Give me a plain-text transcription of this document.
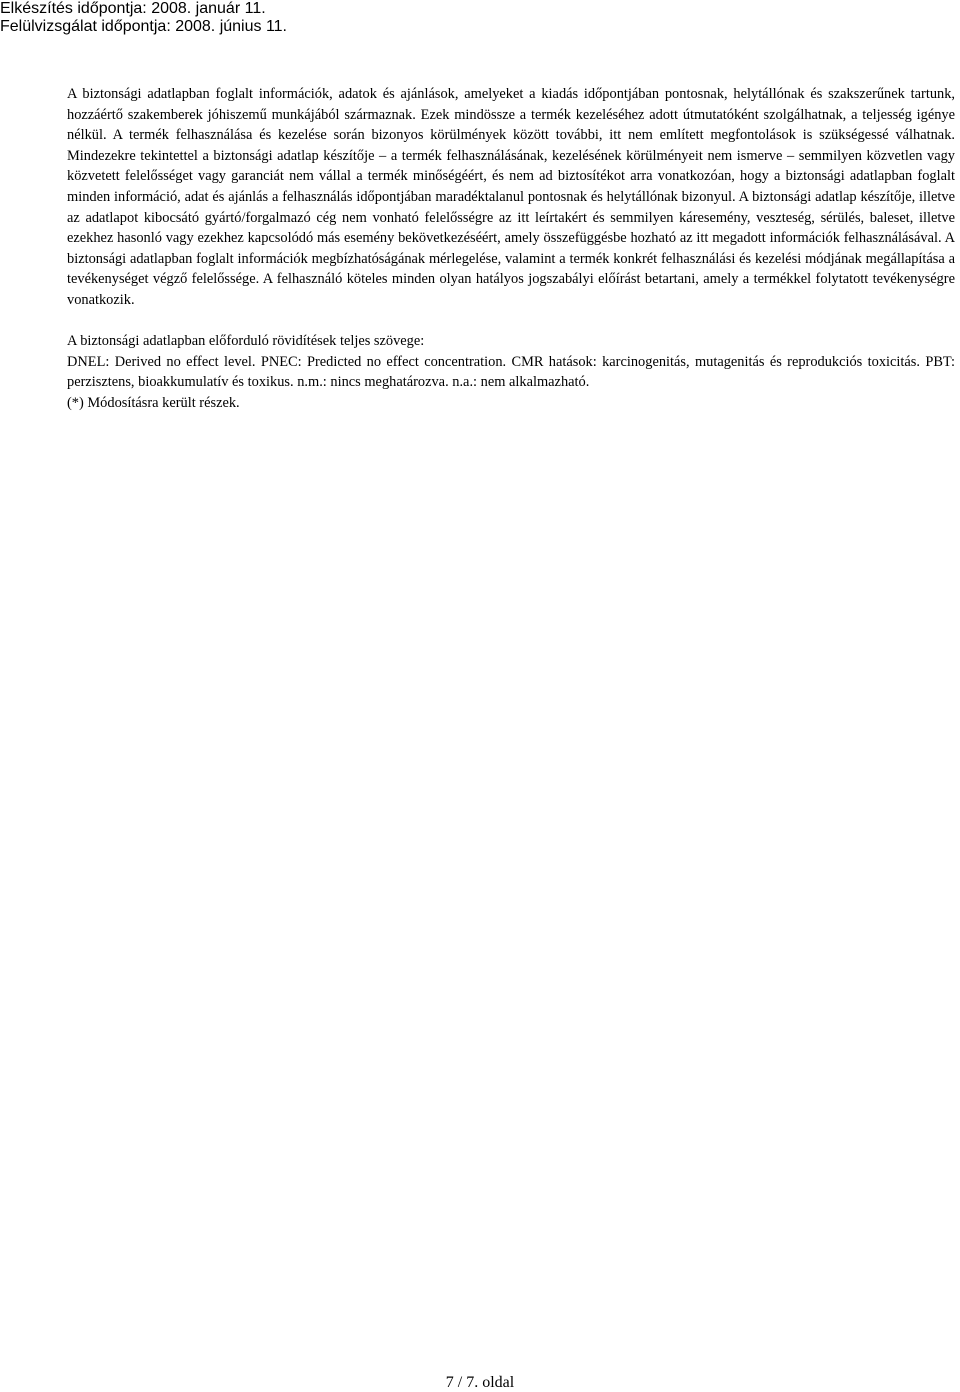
Elkészítés időpontja: 2008. január 11.
Felülvizsgálat időpontja: 2008. június 11.

A biztonsági adatlapban foglalt információk, adatok és ajánlások, amelyeket a kiadás időpontjában pontosnak, helytállónak és szakszerűnek tartunk, hozzáértő szakemberek jóhiszemű munkájából származnak. Ezek mindössze a termék kezeléséhez adott útmutatóként szolgálhatnak, a teljesség igénye nélkül. A termék felhasználása és kezelése során bizonyos körülmények között további, itt nem említett megfontolások is szükségessé válhatnak. Mindezekre tekintettel a biztonsági adatlap készítője – a termék felhasználásának, kezelésének körülményeit nem ismerve – semmilyen közvetlen vagy közvetett felelősséget vagy garanciát nem vállal a termék minőségéért, és nem ad biztosítékot arra vonatkozóan, hogy a biztonsági adatlapban foglalt minden információ, adat és ajánlás a felhasználás időpontjában maradéktalanul pontosnak és helytállónak bizonyul. A biztonsági adatlap készítője, illetve az adatlapot kibocsátó gyártó/forgalmazó cég nem vonható felelősségre az itt leírtakért és semmilyen káresemény, veszteség, sérülés, baleset, illetve ezekhez hasonló vagy ezekhez kapcsolódó más esemény bekövetkezéséért, amely összefüggésbe hozható az itt megadott információk felhasználásával. A biztonsági adatlapban foglalt információk megbízhatóságának mérlegelése, valamint a termék konkrét felhasználási és kezelési módjának megállapítása a tevékenységet végző felelőssége. A felhasználó köteles minden olyan hatályos jogszabályi előírást betartani, amely a termékkel folytatott tevékenységre vonatkozik.

A biztonsági adatlapban előforduló rövidítések teljes szövege:

DNEL: Derived no effect level. PNEC: Predicted no effect concentration. CMR hatások: karcinogenitás, mutagenitás és reprodukciós toxicitás. PBT: perzisztens, bioakkumulatív és toxikus. n.m.: nincs meghatározva. n.a.: nem alkalmazható.

(*) Módosításra került részek.

7 / 7. oldal
